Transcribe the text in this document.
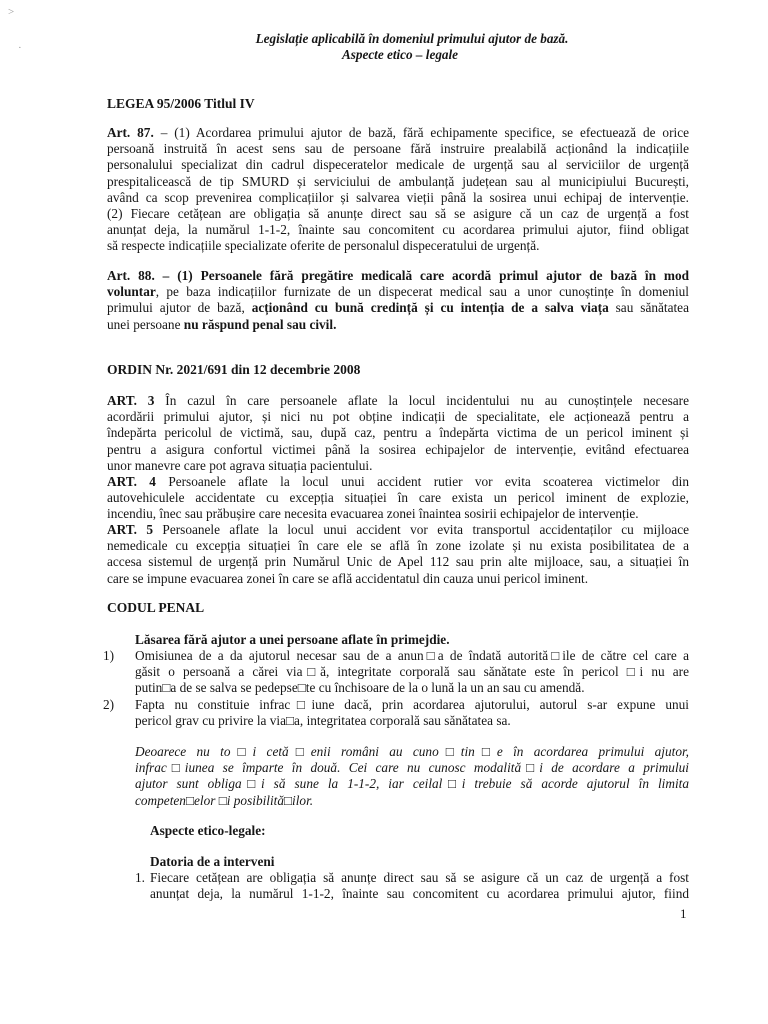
>
·
Legislație aplicabilă în domeniul primului ajutor de bază.
Aspecte etico – legale
LEGEA 95/2006 Titlul IV
Art. 87. – (1) Acordarea primului ajutor de bază, fără echipamente specifice, se efectuează de orice
persoană instruită în acest sens sau de persoane fără instruire prealabilă acționând la indicațiile
personalului specializat din cadrul dispeceratelor medicale de urgență sau al serviciilor de urgență
prespitalicească de tip SMURD și serviciului de ambulanță județean sau al municipiului București,
având ca scop prevenirea complicațiilor și salvarea vieții până la sosirea unui echipaj de intervenție.
(2) Fiecare cetățean are obligația să anunțe direct sau să se asigure că un caz de urgență a fost
anunțat deja, la numărul 1-1-2, înainte sau concomitent cu acordarea primului ajutor, fiind obligat
să respecte indicațiile specializate oferite de personalul dispeceratului de urgență.
Art. 88. – (1) Persoanele fără pregătire medicală care acordă primul ajutor de bază în mod
voluntar, pe baza indicațiilor furnizate de un dispecerat medical sau a unor cunoștințe în domeniul
primului ajutor de bază, acționând cu bună credință și cu intenția de a salva viața sau sănătatea
unei persoane nu răspund penal sau civil.
ORDIN Nr. 2021/691 din 12 decembrie 2008
ART. 3 În cazul în care persoanele aflate la locul incidentului nu au cunoștințele necesare
acordării primului ajutor, și nici nu pot obține indicații de specialitate, ele acționează pentru a
îndepărta pericolul de victimă, sau, după caz, pentru a îndepărta victima de un pericol iminent și
pentru a asigura confortul victimei până la sosirea echipajelor de intervenție, evitând efectuarea
unor manevre care pot agrava situația pacientului.
ART. 4 Persoanele aflate la locul unui accident rutier vor evita scoaterea victimelor din
autovehiculele accidentate cu excepția situației în care exista un pericol iminent de explozie,
incendiu, înec sau prăbușire care necesita evacuarea zonei înaintea sosirii echipajelor de intervenție.
ART. 5 Persoanele aflate la locul unui accident vor evita transportul accidentaților cu mijloace
nemedicale cu excepția situației în care ele se află în zone izolate și nu exista posibilitatea de a
accesa sistemul de urgență prin Numărul Unic de Apel 112 sau prin alte mijloace, sau, a situației în
care se impune evacuarea zonei în care se află accidentatul din cauza unui pericol iminent.
CODUL PENAL
Lăsarea fără ajutor a unei persoane aflate în primejdie.
1) Omisiunea de a da ajutorul necesar sau de a anun□a de îndată autorită□ile de către cel care a
găsit o persoană a cărei via□ă, integritate corporală sau sănătate este în pericol □i nu are
putin□a de se salva se pedepse□te cu închisoare de la o lună la un an sau cu amendă.
2) Fapta nu constituie infrac□iune dacă, prin acordarea ajutorului, autorul s-ar expune unui
pericol grav cu privire la via□a, integritatea corporală sau sănătatea sa.
Deoarece nu to□i cetă□enii români au cuno□tin□e în acordarea primului ajutor,
infrac□iunea se împarte în două. Cei care nu cunosc modalită□i de acordare a primului
ajutor sunt obliga□i să sune la 1-1-2, iar ceilal□i trebuie să acorde ajutorul în limita
competen□elor □i posibilită□ilor.
Aspecte etico-legale:
Datoria de a interveni
1. Fiecare cetățean are obligația să anunțe direct sau să se asigure că un caz de urgență a fost
anunțat deja, la numărul 1-1-2, înainte sau concomitent cu acordarea primului ajutor, fiind
1
